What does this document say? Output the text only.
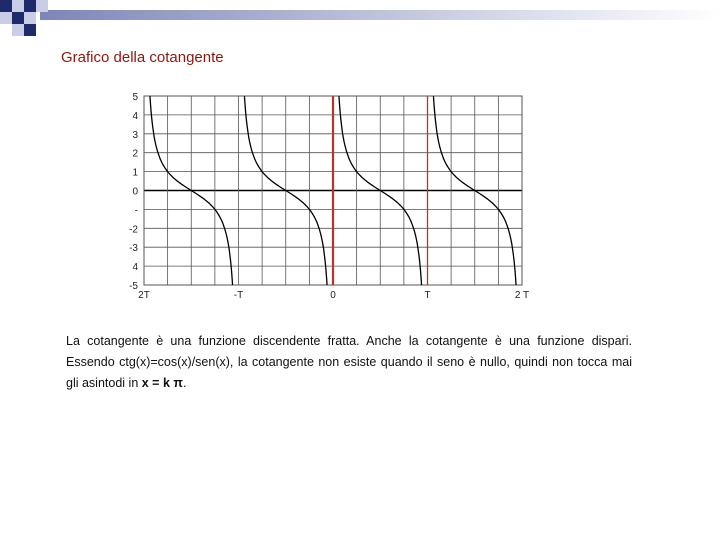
Grafico della cotangente
5
4
3
2
1
0
-
-2
-3
4
-5
2T	-T	0	T	2 T

La cotangente è una funzione discendente fratta. Anche la cotangente è una funzione dispari. Essendo ctg(x)=cos(x)/sen(x), la cotangente non esiste quando il seno è nullo, quindi non tocca mai gli asintodi in x = k π.
